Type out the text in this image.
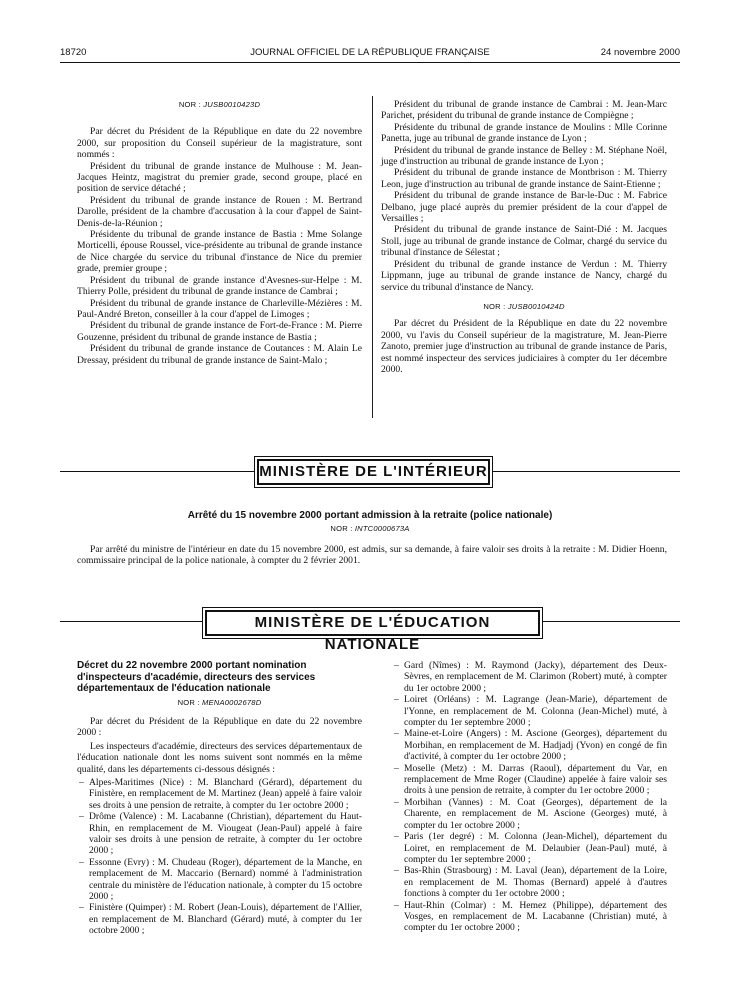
18720	JOURNAL OFFICIEL DE LA RÉPUBLIQUE FRANÇAISE	24 novembre 2000

NOR : JUSB0010423D

Par décret du Président de la République en date du 22 novembre 2000, sur proposition du Conseil supérieur de la magistrature, sont nommés :

Président du tribunal de grande instance de Mulhouse : M. Jean-Jacques Heintz, magistrat du premier grade, second groupe, placé en position de service détaché ;

Président du tribunal de grande instance de Rouen : M. Bertrand Darolle, président de la chambre d'accusation à la cour d'appel de Saint-Denis-de-la-Réunion ;

Présidente du tribunal de grande instance de Bastia : Mme Solange Morticelli, épouse Roussel, vice-présidente au tribunal de grande instance de Nice chargée du service du tribunal d'instance de Nice du premier grade, premier groupe ;

Président du tribunal de grande instance d'Avesnes-sur-Helpe : M. Thierry Polle, président du tribunal de grande instance de Cambrai ;

Président du tribunal de grande instance de Charleville-Mézières : M. Paul-André Breton, conseiller à la cour d'appel de Limoges ;

Président du tribunal de grande instance de Fort-de-France : M. Pierre Gouzenne, président du tribunal de grande instance de Bastia ;

Président du tribunal de grande instance de Coutances : M. Alain Le Dressay, président du tribunal de grande instance de Saint-Malo ;

Président du tribunal de grande instance de Cambrai : M. Jean-Marc Parichet, président du tribunal de grande instance de Compiègne ;

Présidente du tribunal de grande instance de Moulins : Mlle Corinne Panetta, juge au tribunal de grande instance de Lyon ;

Président du tribunal de grande instance de Belley : M. Stéphane Noël, juge d'instruction au tribunal de grande instance de Lyon ;

Président du tribunal de grande instance de Montbrison : M. Thierry Leon, juge d'instruction au tribunal de grande instance de Saint-Etienne ;

Président du tribunal de grande instance de Bar-le-Duc : M. Fabrice Delbano, juge placé auprès du premier président de la cour d'appel de Versailles ;

Président du tribunal de grande instance de Saint-Dié : M. Jacques Stoll, juge au tribunal de grande instance de Colmar, chargé du service du tribunal d'instance de Sélestat ;

Président du tribunal de grande instance de Verdun : M. Thierry Lippmann, juge au tribunal de grande instance de Nancy, chargé du service du tribunal d'instance de Nancy.

NOR : JUSB0010424D

Par décret du Président de la République en date du 22 novembre 2000, vu l'avis du Conseil supérieur de la magistrature, M. Jean-Pierre Zanoto, premier juge d'instruction au tribunal de grande instance de Paris, est nommé inspecteur des services judiciaires à compter du 1er décembre 2000.

MINISTÈRE DE L'INTÉRIEUR
Arrêté du 15 novembre 2000 portant admission à la retraite (police nationale)

NOR : INTC0000673A

Par arrêté du ministre de l'intérieur en date du 15 novembre 2000, est admis, sur sa demande, à faire valoir ses droits à la retraite : M. Didier Hoenn, commissaire principal de la police nationale, à compter du 2 février 2001.
MINISTÈRE DE L'ÉDUCATION NATIONALE
Décret du 22 novembre 2000 portant nomination d'inspecteurs d'académie, directeurs des services départementaux de l'éducation nationale

NOR : MENA0002678D

Par décret du Président de la République en date du 22 novembre 2000 :

Les inspecteurs d'académie, directeurs des services départementaux de l'éducation nationale dont les noms suivent sont nommés en la même qualité, dans les départements ci-dessous désignés :

– Alpes-Maritimes (Nice) : M. Blanchard (Gérard), département du Finistère, en remplacement de M. Martinez (Jean) appelé à faire valoir ses droits à une pension de retraite, à compter du 1er octobre 2000 ;
– Drôme (Valence) : M. Lacabanne (Christian), département du Haut-Rhin, en remplacement de M. Viougeat (Jean-Paul) appelé à faire valoir ses droits à une pension de retraite, à compter du 1er octobre 2000 ;
– Essonne (Evry) : M. Chudeau (Roger), département de la Manche, en remplacement de M. Maccario (Bernard) nommé à l'administration centrale du ministère de l'éducation nationale, à compter du 15 octobre 2000 ;
– Finistère (Quimper) : M. Robert (Jean-Louis), département de l'Allier, en remplacement de M. Blanchard (Gérard) muté, à compter du 1er octobre 2000 ;
– Gard (Nîmes) : M. Raymond (Jacky), département des Deux-Sèvres, en remplacement de M. Clarimon (Robert) muté, à compter du 1er octobre 2000 ;
– Loiret (Orléans) : M. Lagrange (Jean-Marie), département de l'Yonne, en remplacement de M. Colonna (Jean-Michel) muté, à compter du 1er septembre 2000 ;
– Maine-et-Loire (Angers) : M. Ascione (Georges), département du Morbihan, en remplacement de M. Hadjadj (Yvon) en congé de fin d'activité, à compter du 1er octobre 2000 ;
– Moselle (Metz) : M. Darras (Raoul), département du Var, en remplacement de Mme Roger (Claudine) appelée à faire valoir ses droits à une pension de retraite, à compter du 1er octobre 2000 ;
– Morbihan (Vannes) : M. Coat (Georges), département de la Charente, en remplacement de M. Ascione (Georges) muté, à compter du 1er octobre 2000 ;
– Paris (1er degré) : M. Colonna (Jean-Michel), département du Loiret, en remplacement de M. Delaubier (Jean-Paul) muté, à compter du 1er septembre 2000 ;
– Bas-Rhin (Strasbourg) : M. Laval (Jean), département de la Loire, en remplacement de M. Thomas (Bernard) appelé à d'autres fonctions à compter du 1er octobre 2000 ;
– Haut-Rhin (Colmar) : M. Hemez (Philippe), département des Vosges, en remplacement de M. Lacabanne (Christian) muté, à compter du 1er octobre 2000 ;
